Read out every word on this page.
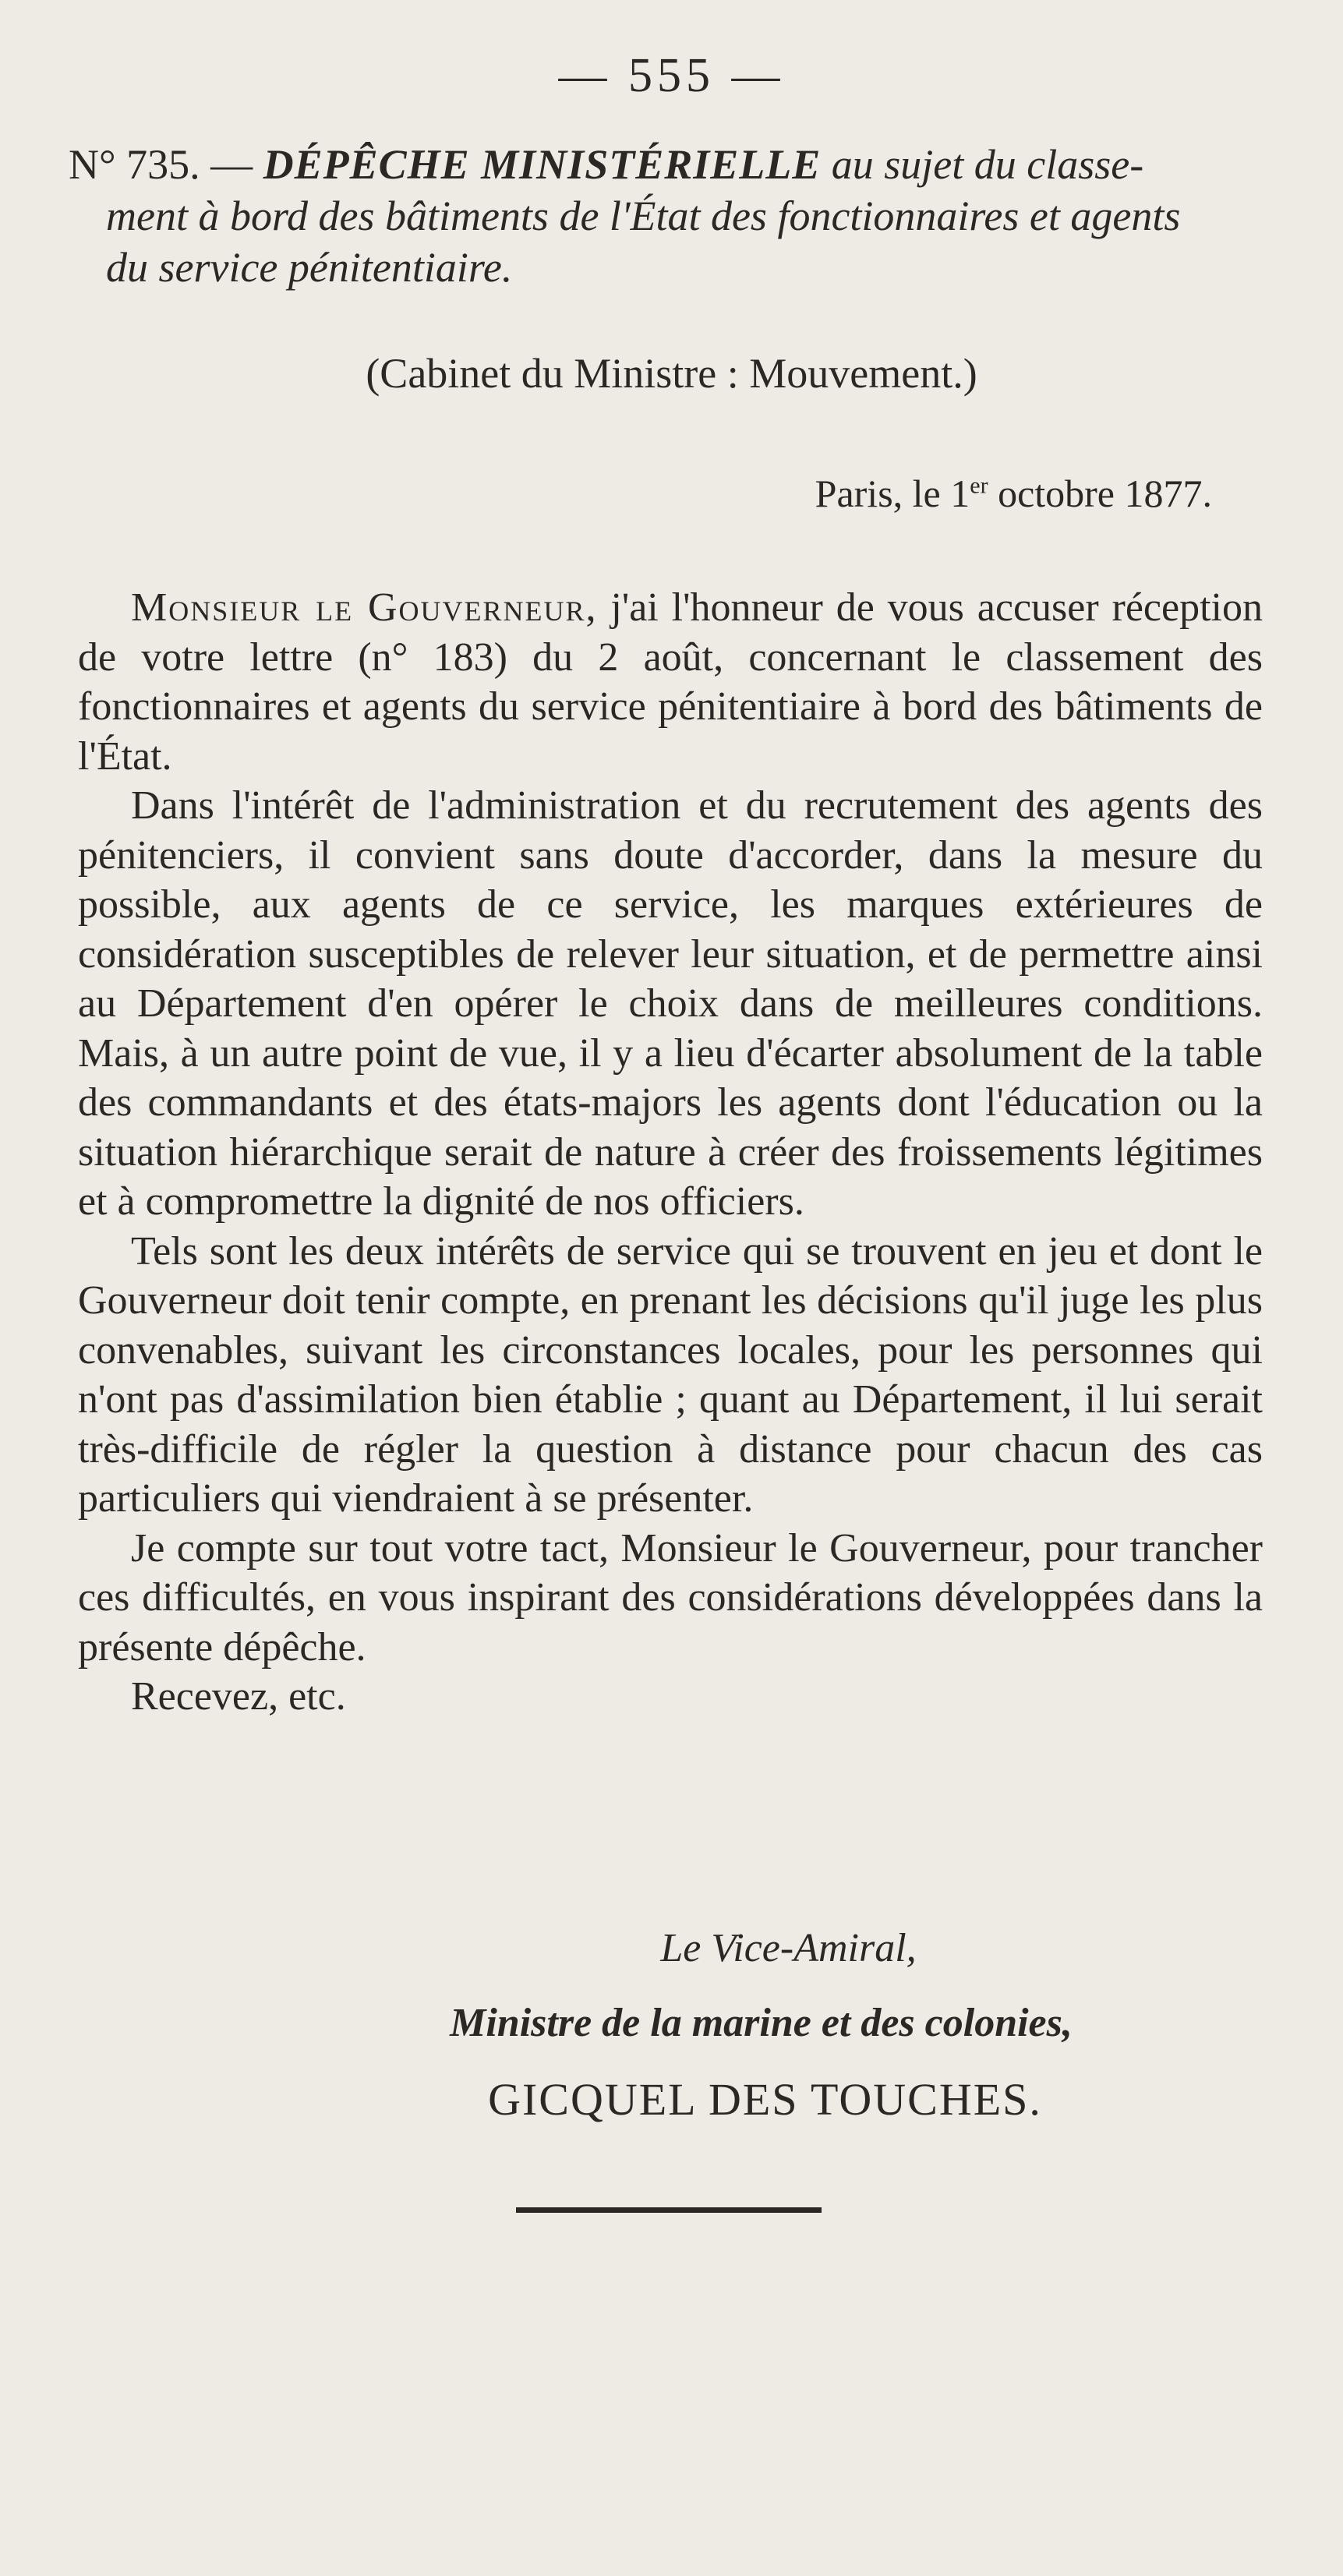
— 555 —
N° 735. — DÉPÊCHE MINISTÉRIELLE au sujet du classe-
ment à bord des bâtiments de l'État des fonctionnaires et agents
du service pénitentiaire.
(Cabinet du Ministre : Mouvement.)
Paris, le 1er octobre 1877.

Monsieur le Gouverneur, j'ai l'honneur de vous accuser réception de votre lettre (n° 183) du 2 août, concernant le classement des fonctionnaires et agents du service pénitentiaire à bord des bâtiments de l'État.

Dans l'intérêt de l'administration et du recrutement des agents des pénitenciers, il convient sans doute d'accorder, dans la mesure du possible, aux agents de ce service, les marques extérieures de considération susceptibles de relever leur situation, et de permettre ainsi au Département d'en opérer le choix dans de meilleures conditions. Mais, à un autre point de vue, il y a lieu d'écarter absolument de la table des commandants et des états-majors les agents dont l'éducation ou la situation hiérarchique serait de nature à créer des froissements légitimes et à compromettre la dignité de nos officiers.

Tels sont les deux intérêts de service qui se trouvent en jeu et dont le Gouverneur doit tenir compte, en prenant les décisions qu'il juge les plus convenables, suivant les circonstances locales, pour les personnes qui n'ont pas d'assimilation bien établie ; quant au Département, il lui serait très-difficile de régler la question à distance pour chacun des cas particuliers qui viendraient à se présenter.

Je compte sur tout votre tact, Monsieur le Gouverneur, pour trancher ces difficultés, en vous inspirant des considérations développées dans la présente dépêche.

Recevez, etc.

Le Vice-Amiral,
Ministre de la marine et des colonies,
GICQUEL DES TOUCHES.
